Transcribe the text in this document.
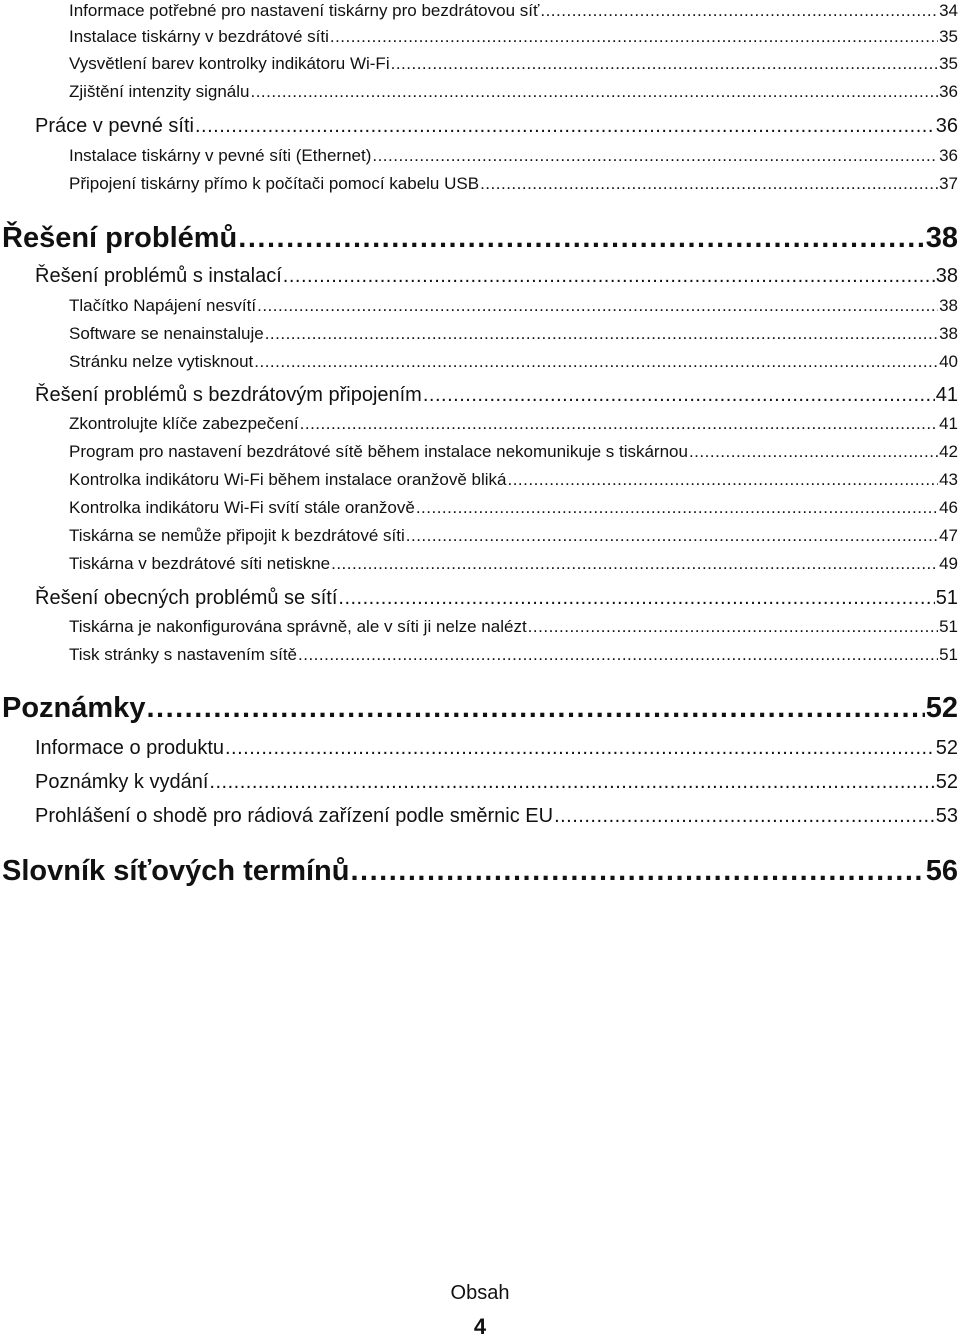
Informace potřebné pro nastavení tiskárny pro bezdrátovou síť .....	34
Instalace tiskárny v bezdrátové síti .....	35
Vysvětlení barev kontrolky indikátoru Wi-Fi .....	35
Zjištění intenzity signálu .....	36
Práce v pevné síti .....	36
Instalace tiskárny v pevné síti (Ethernet) .....	36
Připojení tiskárny přímo k počítači pomocí kabelu USB .....	37
Řešení problémů .....	38
Řešení problémů s instalací .....	38
Tlačítko Napájení nesvítí .....	38
Software se nenainstaluje .....	38
Stránku nelze vytisknout .....	40
Řešení problémů s bezdrátovým připojením .....	41
Zkontrolujte klíče zabezpečení .....	41
Program pro nastavení bezdrátové sítě během instalace nekomunikuje s tiskárnou .....	42
Kontrolka indikátoru Wi-Fi během instalace oranžově bliká .....	43
Kontrolka indikátoru Wi-Fi svítí stále oranžově .....	46
Tiskárna se nemůže připojit k bezdrátové síti .....	47
Tiskárna v bezdrátové síti netiskne .....	49
Řešení obecných problémů se sítí .....	51
Tiskárna je nakonfigurována správně, ale v síti ji nelze nalézt .....	51
Tisk stránky s nastavením sítě .....	51
Poznámky .....	52
Informace o produktu .....	52
Poznámky k vydání .....	52
Prohlášení o shodě pro rádiová zařízení podle směrnic EU .....	53
Slovník síťových termínů .....	56
Obsah
4
